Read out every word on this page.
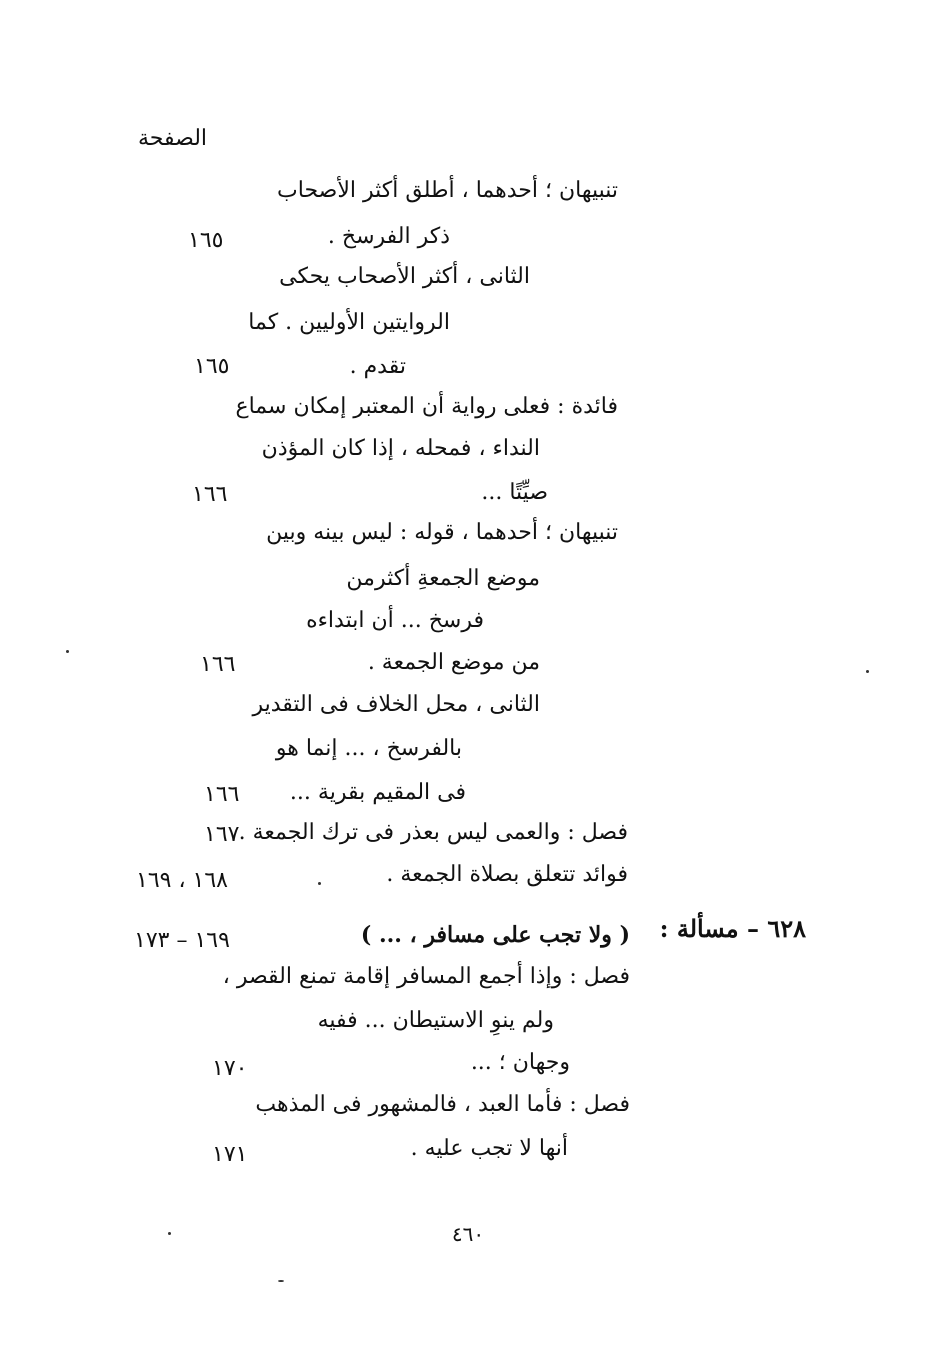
الصفحة
تنبيهان ؛ أحدهما ، أطلق أكثر الأصحاب
ذكر الفرسخ .
١٦٥
الثانى ، أكثر الأصحاب يحكى
الروايتين الأوليين . كما
تقدم .
١٦٥
فائدة : فعلى رواية أن المعتبر إمكان سماع
النداء ، فمحله ، إذا كان المؤذن
صيِّتًا ...
١٦٦
تنبيهان ؛ أحدهما ، قوله : ليس بينه وبين
موضع الجمعةِ أكثرمن
فرسخ ... أن ابتداءه
من موضع الجمعة .
١٦٦
الثانى ، محل الخلاف فى التقدير
بالفرسخ ، ... إنما هو
فى المقيم بقرية ...
١٦٦
فصل : والعمى ليس بعذر فى ترك الجمعة .
١٦٧
فوائد تتعلق بصلاة الجمعة .
١٦٨ ، ١٦٩
٦٢٨ – مسألة :
( ولا تجب على مسافر ، ... )
١٦٩ – ١٧٣
فصل : وإذا أجمع المسافر إقامة تمنع القصر ،
ولم ينوِ الاستيطان ... ففيه
وجهان ؛ ...
١٧٠
فصل : فأما العبد ، فالمشهور فى المذهب
أنها لا تجب عليه .
١٧١
٤٦٠
